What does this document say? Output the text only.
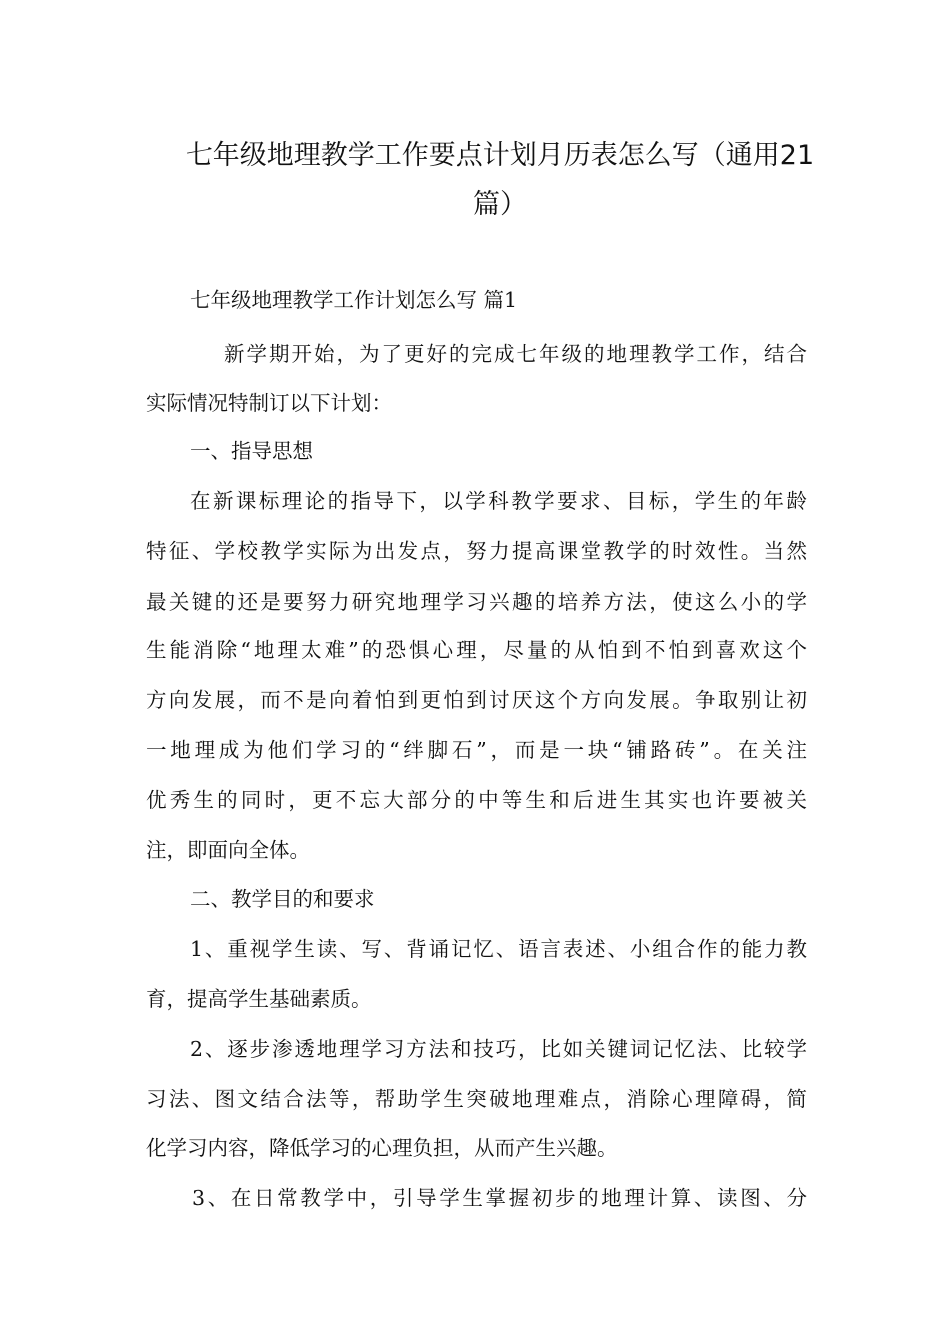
七年级地理教学工作要点计划月历表怎么写（通用21
篇）
七年级地理教学工作计划怎么写 篇1
新学期开始，为了更好的完成七年级的地理教学工作，结合
实际情况特制订以下计划：
一、指导思想
在新课标理论的指导下，以学科教学要求、目标，学生的年龄
特征、学校教学实际为出发点，努力提高课堂教学的时效性。当然
最关键的还是要努力研究地理学习兴趣的培养方法，使这么小的学
生能消除“地理太难”的恐惧心理，尽量的从怕到不怕到喜欢这个
方向发展，而不是向着怕到更怕到讨厌这个方向发展。争取别让初
一地理成为他们学习的“绊脚石”，而是一块“铺路砖”。在关注
优秀生的同时，更不忘大部分的中等生和后进生其实也许要被关
注，即面向全体。
二、教学目的和要求
1、重视学生读、写、背诵记忆、语言表述、小组合作的能力教
育，提高学生基础素质。
2、逐步渗透地理学习方法和技巧，比如关键词记忆法、比较学
习法、图文结合法等，帮助学生突破地理难点，消除心理障碍，简
化学习内容，降低学习的心理负担，从而产生兴趣。
3、在日常教学中，引导学生掌握初步的地理计算、读图、分
